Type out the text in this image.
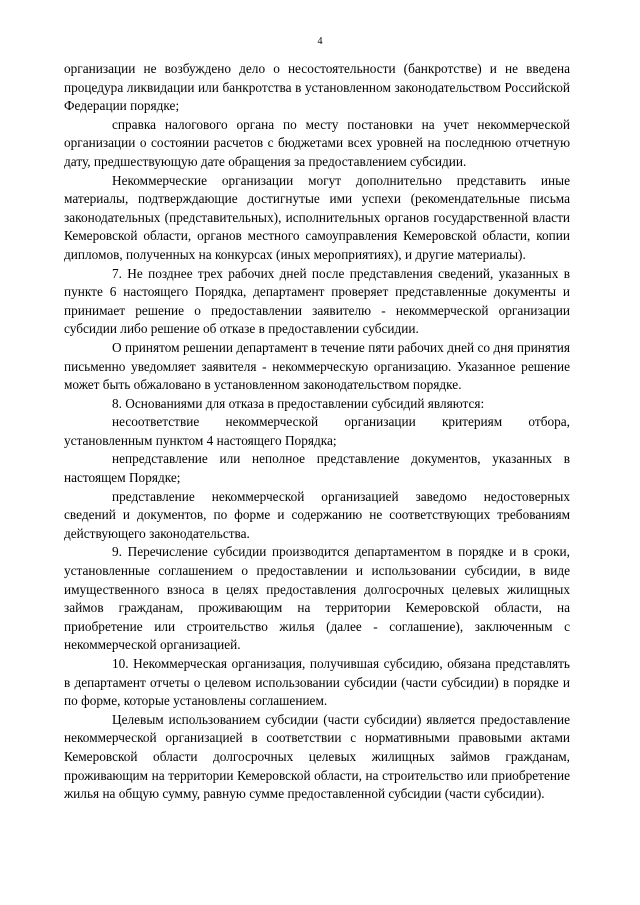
4

организации не возбуждено дело о несостоятельности (банкротстве) и не введена процедура ликвидации или банкротства в установленном законодательством Российской Федерации порядке;

справка налогового органа по месту постановки на учет некоммерческой организации о состоянии расчетов с бюджетами всех уровней на последнюю отчетную дату, предшествующую дате обращения за предоставлением субсидии.

Некоммерческие организации могут дополнительно представить иные материалы, подтверждающие достигнутые ими успехи (рекомендательные письма законодательных (представительных), исполнительных органов государственной власти Кемеровской области, органов местного самоуправления Кемеровской области, копии дипломов, полученных на конкурсах (иных мероприятиях), и другие материалы).

7. Не позднее трех рабочих дней после представления сведений, указанных в пункте 6 настоящего Порядка, департамент проверяет представленные документы и принимает решение о предоставлении заявителю - некоммерческой организации субсидии либо решение об отказе в предоставлении субсидии.

О принятом решении департамент в течение пяти рабочих дней со дня принятия письменно уведомляет заявителя - некоммерческую организацию. Указанное решение может быть обжаловано в установленном законодательством порядке.

8. Основаниями для отказа в предоставлении субсидий являются:

несоответствие некоммерческой организации критериям отбора, установленным пунктом 4 настоящего Порядка;

непредставление или неполное представление документов, указанных в настоящем Порядке;

представление некоммерческой организацией заведомо недостоверных сведений и документов, по форме и содержанию не соответствующих требованиям действующего законодательства.

9. Перечисление субсидии производится департаментом в порядке и в сроки, установленные соглашением о предоставлении и использовании субсидии, в виде имущественного взноса в целях предоставления долгосрочных целевых жилищных займов гражданам, проживающим на территории Кемеровской области, на приобретение или строительство жилья (далее - соглашение), заключенным с некоммерческой организацией.

10. Некоммерческая организация, получившая субсидию, обязана представлять в департамент отчеты о целевом использовании субсидии (части субсидии) в порядке и по форме, которые установлены соглашением.

Целевым использованием субсидии (части субсидии) является предоставление некоммерческой организацией в соответствии с нормативными правовыми актами Кемеровской области долгосрочных целевых жилищных займов гражданам, проживающим на территории Кемеровской области, на строительство или приобретение жилья на общую сумму, равную сумме предоставленной субсидии (части субсидии).
